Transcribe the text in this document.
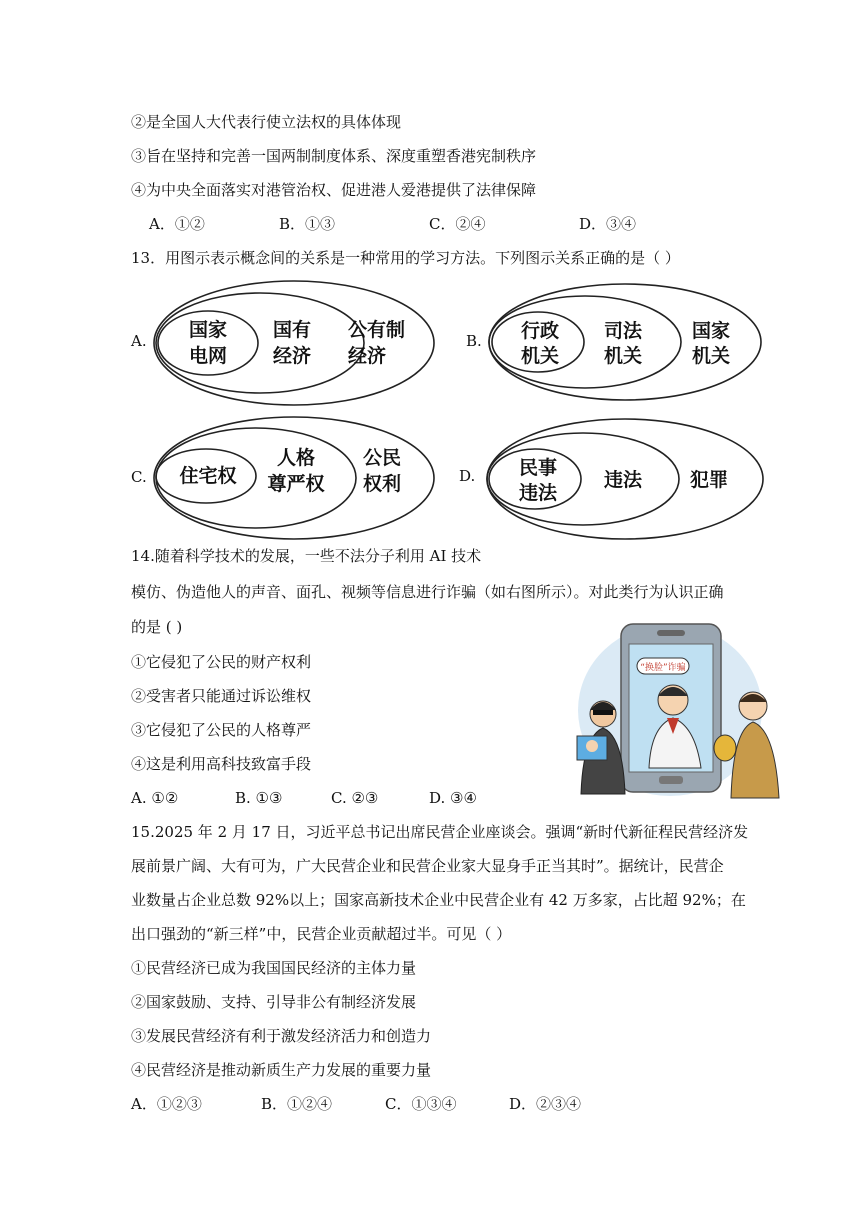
②是全国人大代表行使立法权的具体体现
③旨在坚持和完善一国两制制度体系、深度重塑香港宪制秩序
④为中央全面落实对港管治权、促进港人爱港提供了法律保障
A．①②	B．①③	C．②④	D．③④
13．用图示表示概念间的关系是一种常用的学习方法。下列图示关系正确的是（ ）
A. 国家
电网
国有
经济
公有制
经济
B. 行政
机关
司法
机关
国家
机关
C. 住宅权
人格
尊严权
公民
权利	D. 民事
违法
违法	犯罪
14.随着科学技术的发展，一些不法分子利用 AI 技术
模仿、伪造他人的声音、面孔、视频等信息进行诈骗（如右图所示）。对此类行为认识正确
的是 ( )
①它侵犯了公民的财产权利
②受害者只能通过诉讼维权
③它侵犯了公民的人格尊严
④这是利用高科技致富手段
A. ①②	B. ①③	C. ②③	D. ③④
“换脸”诈骗
15.2025 年 2 月 17 日，习近平总书记出席民营企业座谈会。强调“新时代新征程民营经济发
展前景广阔、大有可为，广大民营企业和民营企业家大显身手正当其时”。据统计，民营企
业数量占企业总数 92%以上；国家高新技术企业中民营企业有 42 万多家，占比超 92%；在
出口强劲的“新三样”中，民营企业贡献超过半。可见（ ）
①民营经济已成为我国国民经济的主体力量
②国家鼓励、支持、引导非公有制经济发展
③发展民营经济有利于激发经济活力和创造力
④民营经济是推动新质生产力发展的重要力量
A．①②③	B．①②④	C．①③④	D．②③④
